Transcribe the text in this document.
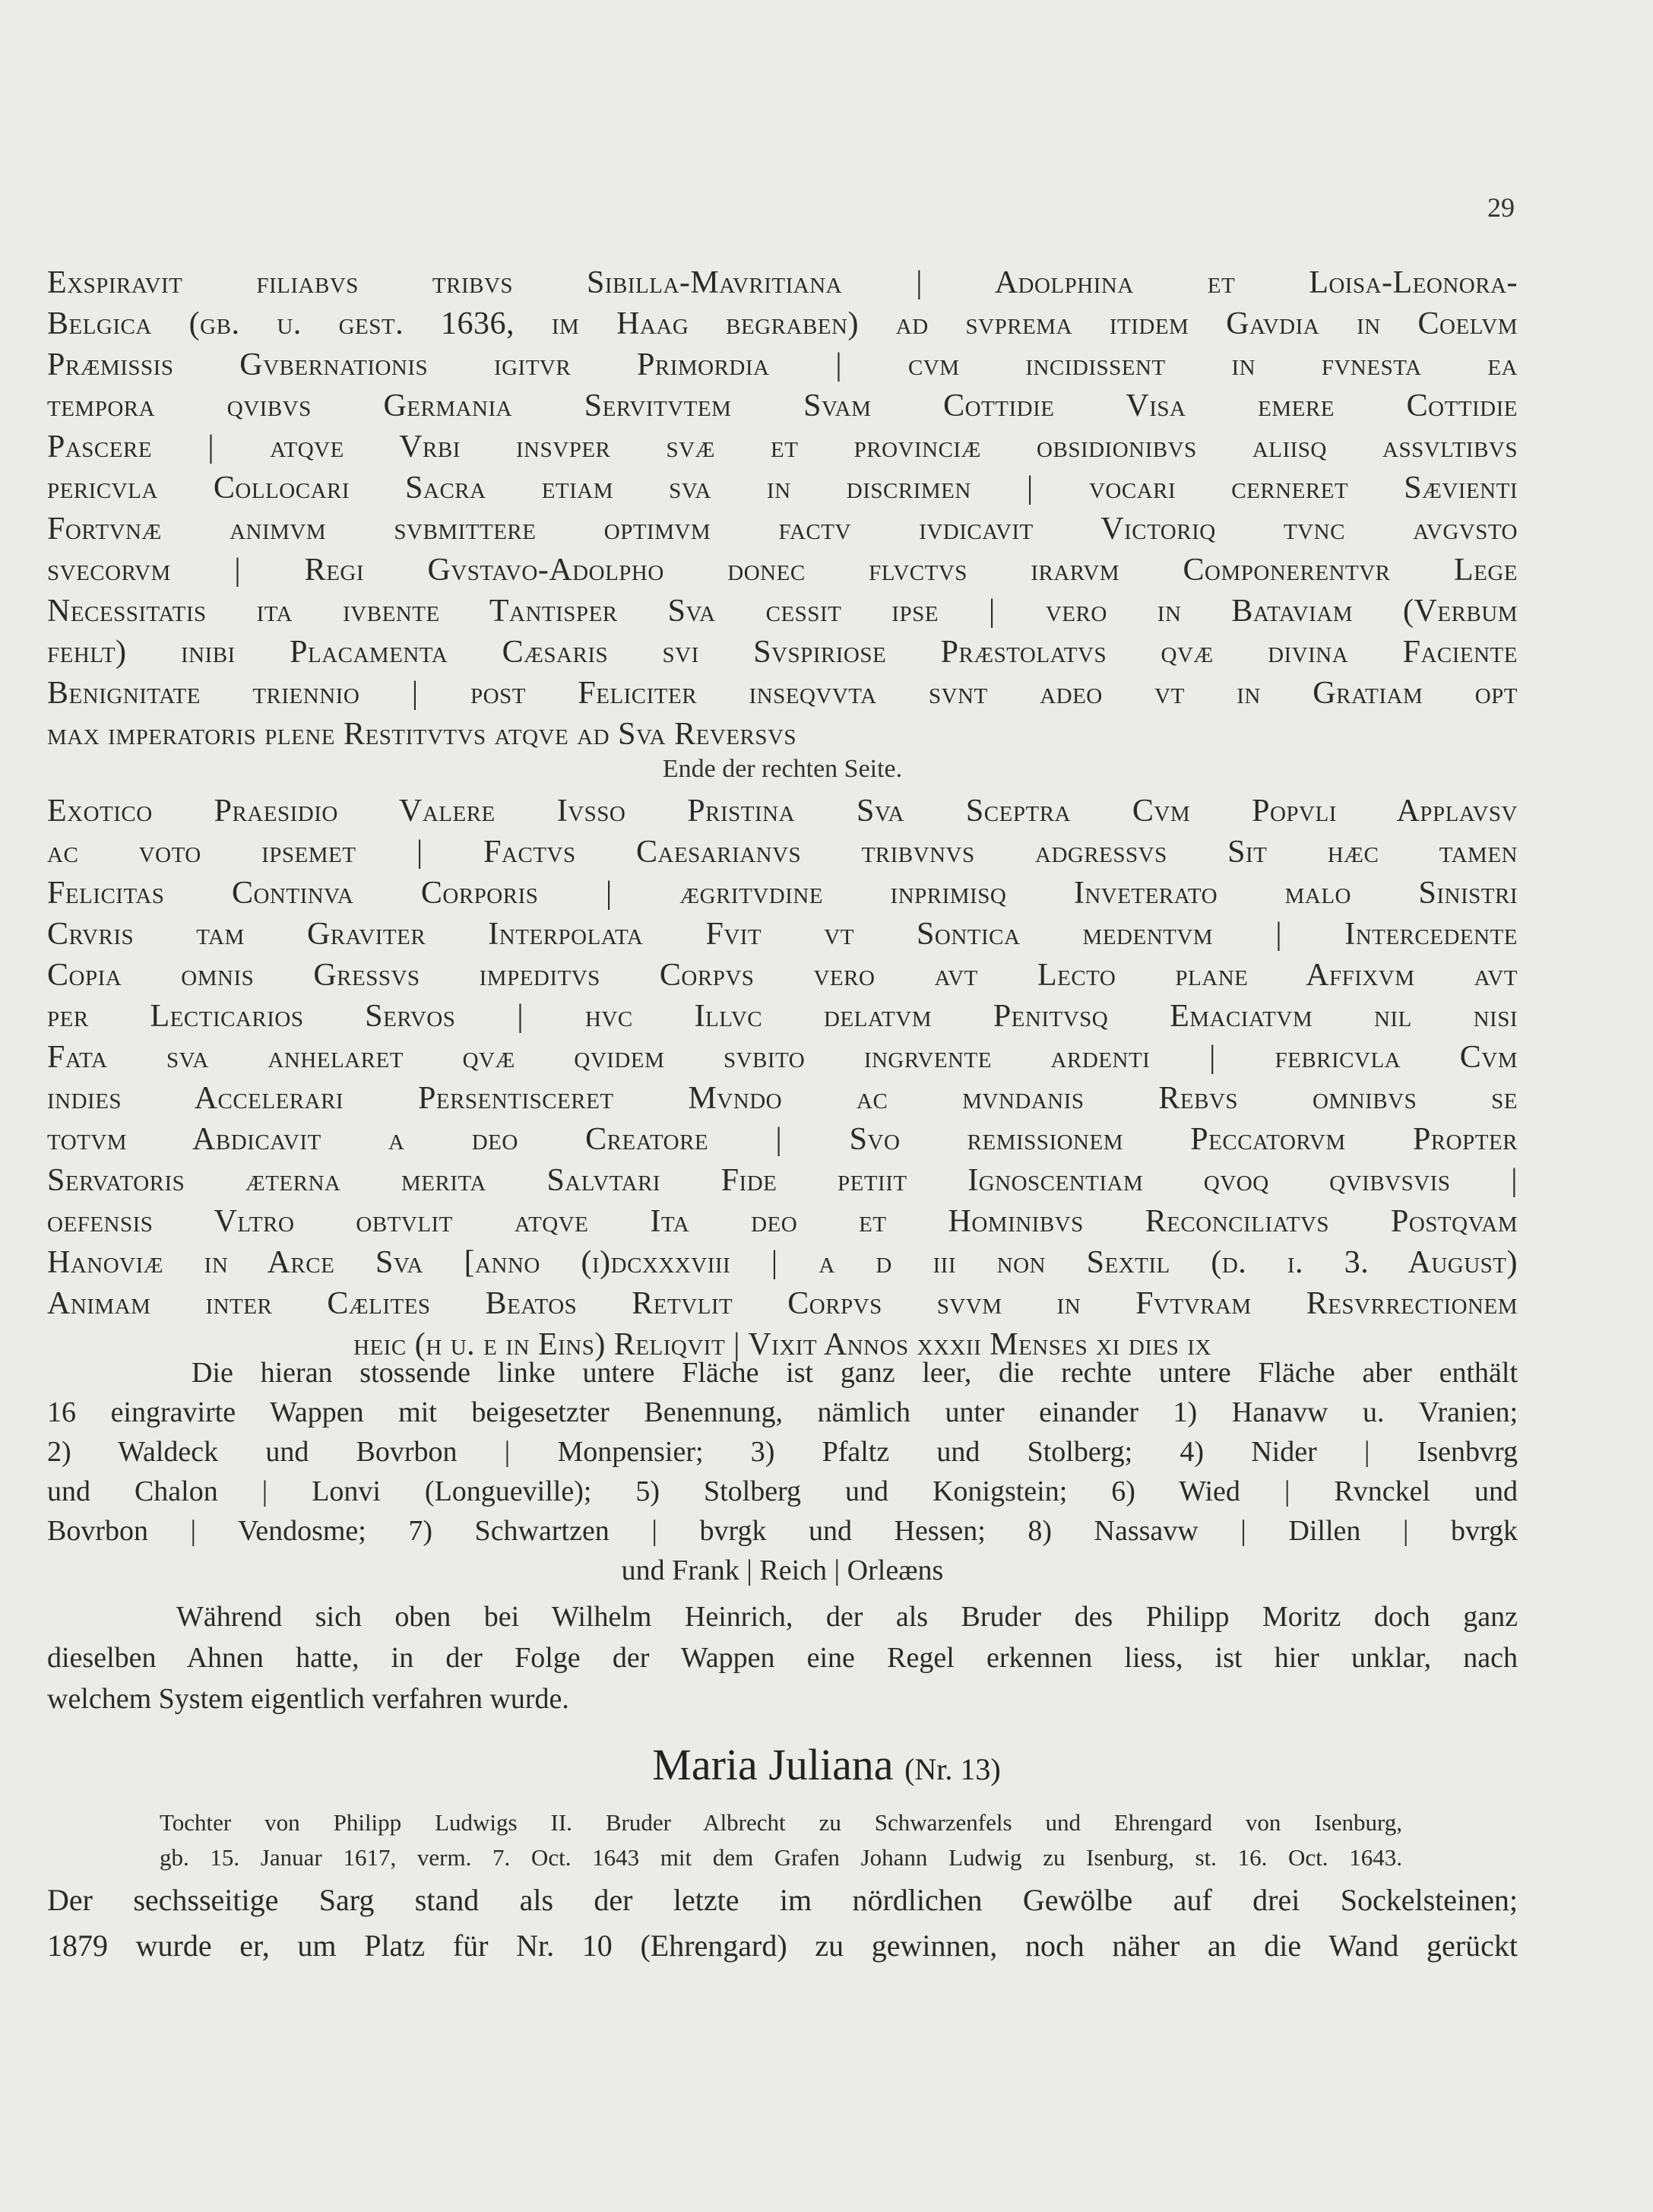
29
Exspiravit filiabvs tribvs Sibilla-Mavritiana | Adolphina et Loisa-Leonora-
Belgica (gb. u. gest. 1636, im Haag begraben) ad svprema itidem Gavdia in Coelvm
Præmissis Gvbernationis igitvr Primordia | cvm incidissent in fvnesta ea
tempora qvibvs Germania Servitvtem Svam Cottidie Visa emere Cottidie
Pascere | atqve Vrbi insvper svæ et provinciæ obsidionibvs aliisq assvltibvs
pericvla Collocari Sacra etiam sva in discrimen | vocari cerneret Sævienti
Fortvnæ animvm svbmittere optimvm factv ivdicavit Victoriq tvnc avgvsto
svecorvm | Regi Gvstavo-Adolpho donec flvctvs irarvm Componerentvr Lege
Necessitatis ita ivbente Tantisper Sva cessit ipse | vero in Bataviam (Verbum
fehlt) inibi Placamenta Cæsaris svi Svspiriose Præstolatvs qvæ divina Faciente
Benignitate triennio | post Feliciter inseqvvta svnt adeo vt in Gratiam opt
max imperatoris plene Restitvtvs atqve ad Sva Reversvs
Ende der rechten Seite.
Exotico Praesidio Valere Ivsso Pristina Sva Sceptra Cvm Popvli Applavsv
ac voto ipsemet | Factvs Caesarianvs tribvnvs adgressvs Sit hæc tamen
Felicitas Continva Corporis | ægritvdine inprimisq Inveterato malo Sinistri
Crvris tam Graviter Interpolata Fvit vt Sontica medentvm | Intercedente
Copia omnis Gressvs impeditvs Corpvs vero avt Lecto plane Affixvm avt
per Lecticarios Servos | hvc Illvc delatvm Penitvsq Emaciatvm nil nisi
Fata sva anhelaret qvæ qvidem svbito ingrvente ardenti | febricvla Cvm
indies Accelerari Persentisceret Mvndo ac mvndanis Rebvs omnibvs se
totvm Abdicavit a deo Creatore | Svo remissionem Peccatorvm Propter
Servatoris æterna merita Salvtari Fide petiit Ignoscentiam qvoq qvibvsvis |
oefensis Vltro obtvlit atqve Ita deo et Hominibvs Reconciliatvs Postqvam
Hanoviæ in Arce Sva [anno (i)dcxxxviii | a d iii non Sextil (d. i. 3. August)
Animam inter Cælites Beatos Retvlit Corpvs svvm in Fvtvram Resvrrectionem
heic (h u. e in Eins) Reliqvit | Vixit Annos xxxii Menses xi dies ix
Die hieran stossende linke untere Fläche ist ganz leer, die rechte untere Fläche aber enthält
16 eingravirte Wappen mit beigesetzter Benennung, nämlich unter einander 1) Hanavw u. Vranien;
2) Waldeck und Bovrbon | Monpensier; 3) Pfaltz und Stolberg; 4) Nider | Isenbvrg
und Chalon | Lonvi (Longueville); 5) Stolberg und Konigstein; 6) Wied | Rvnckel und
Bovrbon | Vendosme; 7) Schwartzen | bvrgk und Hessen; 8) Nassavw | Dillen | bvrgk
und Frank | Reich | Orleæns
Während sich oben bei Wilhelm Heinrich, der als Bruder des Philipp Moritz doch ganz
dieselben Ahnen hatte, in der Folge der Wappen eine Regel erkennen liess, ist hier unklar, nach
welchem System eigentlich verfahren wurde.
Maria Juliana (Nr. 13)
Tochter von Philipp Ludwigs II. Bruder Albrecht zu Schwarzenfels und Ehrengard von Isenburg,
gb. 15. Januar 1617, verm. 7. Oct. 1643 mit dem Grafen Johann Ludwig zu Isenburg, st. 16. Oct. 1643.
Der sechsseitige Sarg stand als der letzte im nördlichen Gewölbe auf drei Sockelsteinen;
1879 wurde er, um Platz für Nr. 10 (Ehrengard) zu gewinnen, noch näher an die Wand gerückt
